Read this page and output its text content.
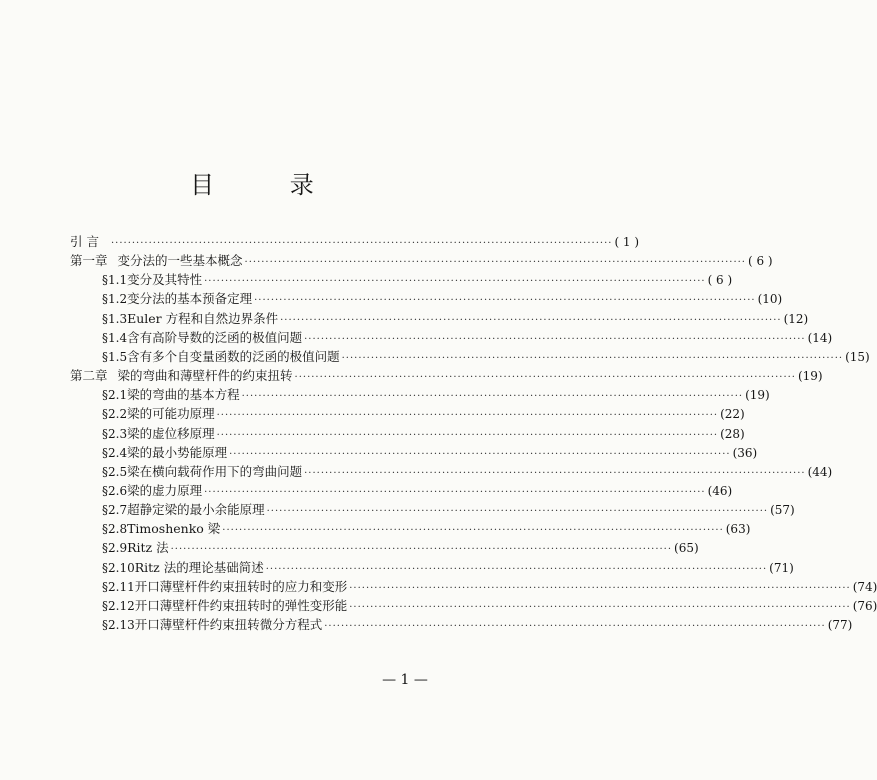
目 录
引 言 ························································································································ ( 1 )
第一章 变分法的一些基本概念 ························································································································ ( 6 )
§1.1 变分及其特性 ························································································································ ( 6 )
§1.2 变分法的基本预备定理 ························································································································ (10)
§1.3 Euler 方程和自然边界条件 ························································································································ (12)
§1.4 含有高阶导数的泛函的极值问题 ························································································································ (14)
§1.5 含有多个自变量函数的泛函的极值问题 ························································································································ (15)
第二章 梁的弯曲和薄壁杆件的约束扭转 ························································································································ (19)
§2.1 梁的弯曲的基本方程 ························································································································ (19)
§2.2 梁的可能功原理 ························································································································ (22)
§2.3 梁的虚位移原理 ························································································································ (28)
§2.4 梁的最小势能原理 ························································································································ (36)
§2.5 梁在横向载荷作用下的弯曲问题 ························································································································ (44)
§2.6 梁的虚力原理 ························································································································ (46)
§2.7 超静定梁的最小余能原理 ························································································································ (57)
§2.8 Timoshenko 梁 ························································································································ (63)
§2.9 Ritz 法 ························································································································ (65)
§2.10 Ritz 法的理论基础简述 ························································································································ (71)
§2.11 开口薄壁杆件约束扭转时的应力和变形 ························································································································ (74)
§2.12 开口薄壁杆件约束扭转时的弹性变形能 ························································································································ (76)
§2.13 开口薄壁杆件约束扭转微分方程式 ························································································································ (77)
— 1 —
